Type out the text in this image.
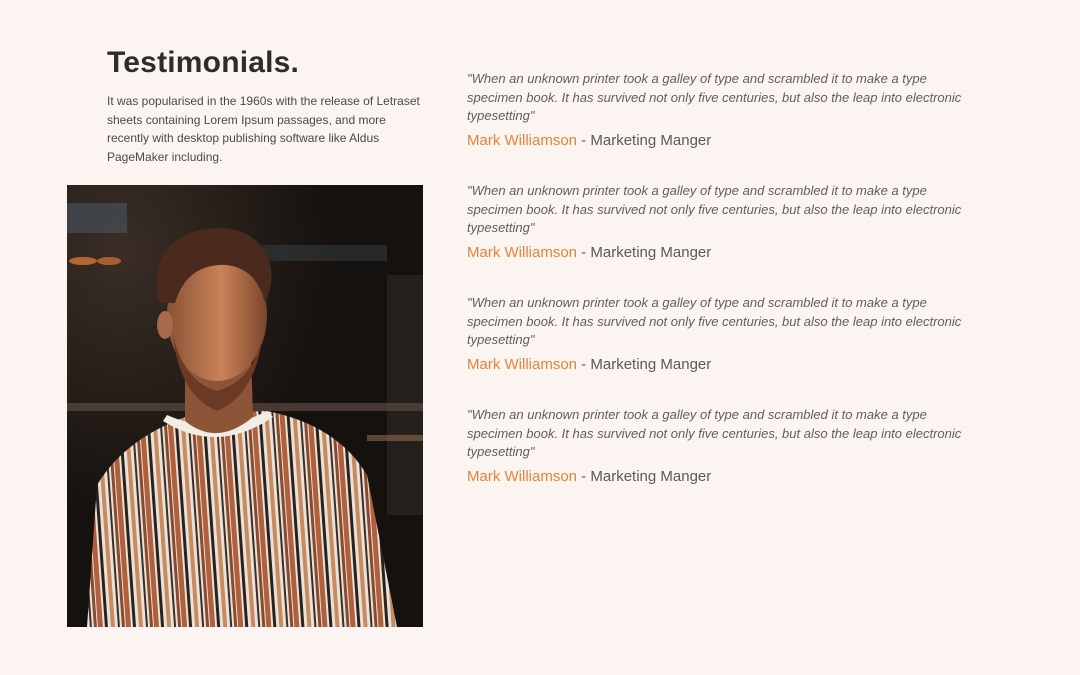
Testimonials.

It was popularised in the 1960s with the release of Letraset sheets containing Lorem Ipsum passages, and more recently with desktop publishing software like Aldus PageMaker including.

"When an unknown printer took a galley of type and scrambled it to make a type specimen book. It has survived not only five centuries, but also the leap into electronic typesetting"

Mark Williamson - Marketing Manger

"When an unknown printer took a galley of type and scrambled it to make a type specimen book. It has survived not only five centuries, but also the leap into electronic typesetting"

Mark Williamson - Marketing Manger

"When an unknown printer took a galley of type and scrambled it to make a type specimen book. It has survived not only five centuries, but also the leap into electronic typesetting"

Mark Williamson - Marketing Manger

"When an unknown printer took a galley of type and scrambled it to make a type specimen book. It has survived not only five centuries, but also the leap into electronic typesetting"

Mark Williamson - Marketing Manger
